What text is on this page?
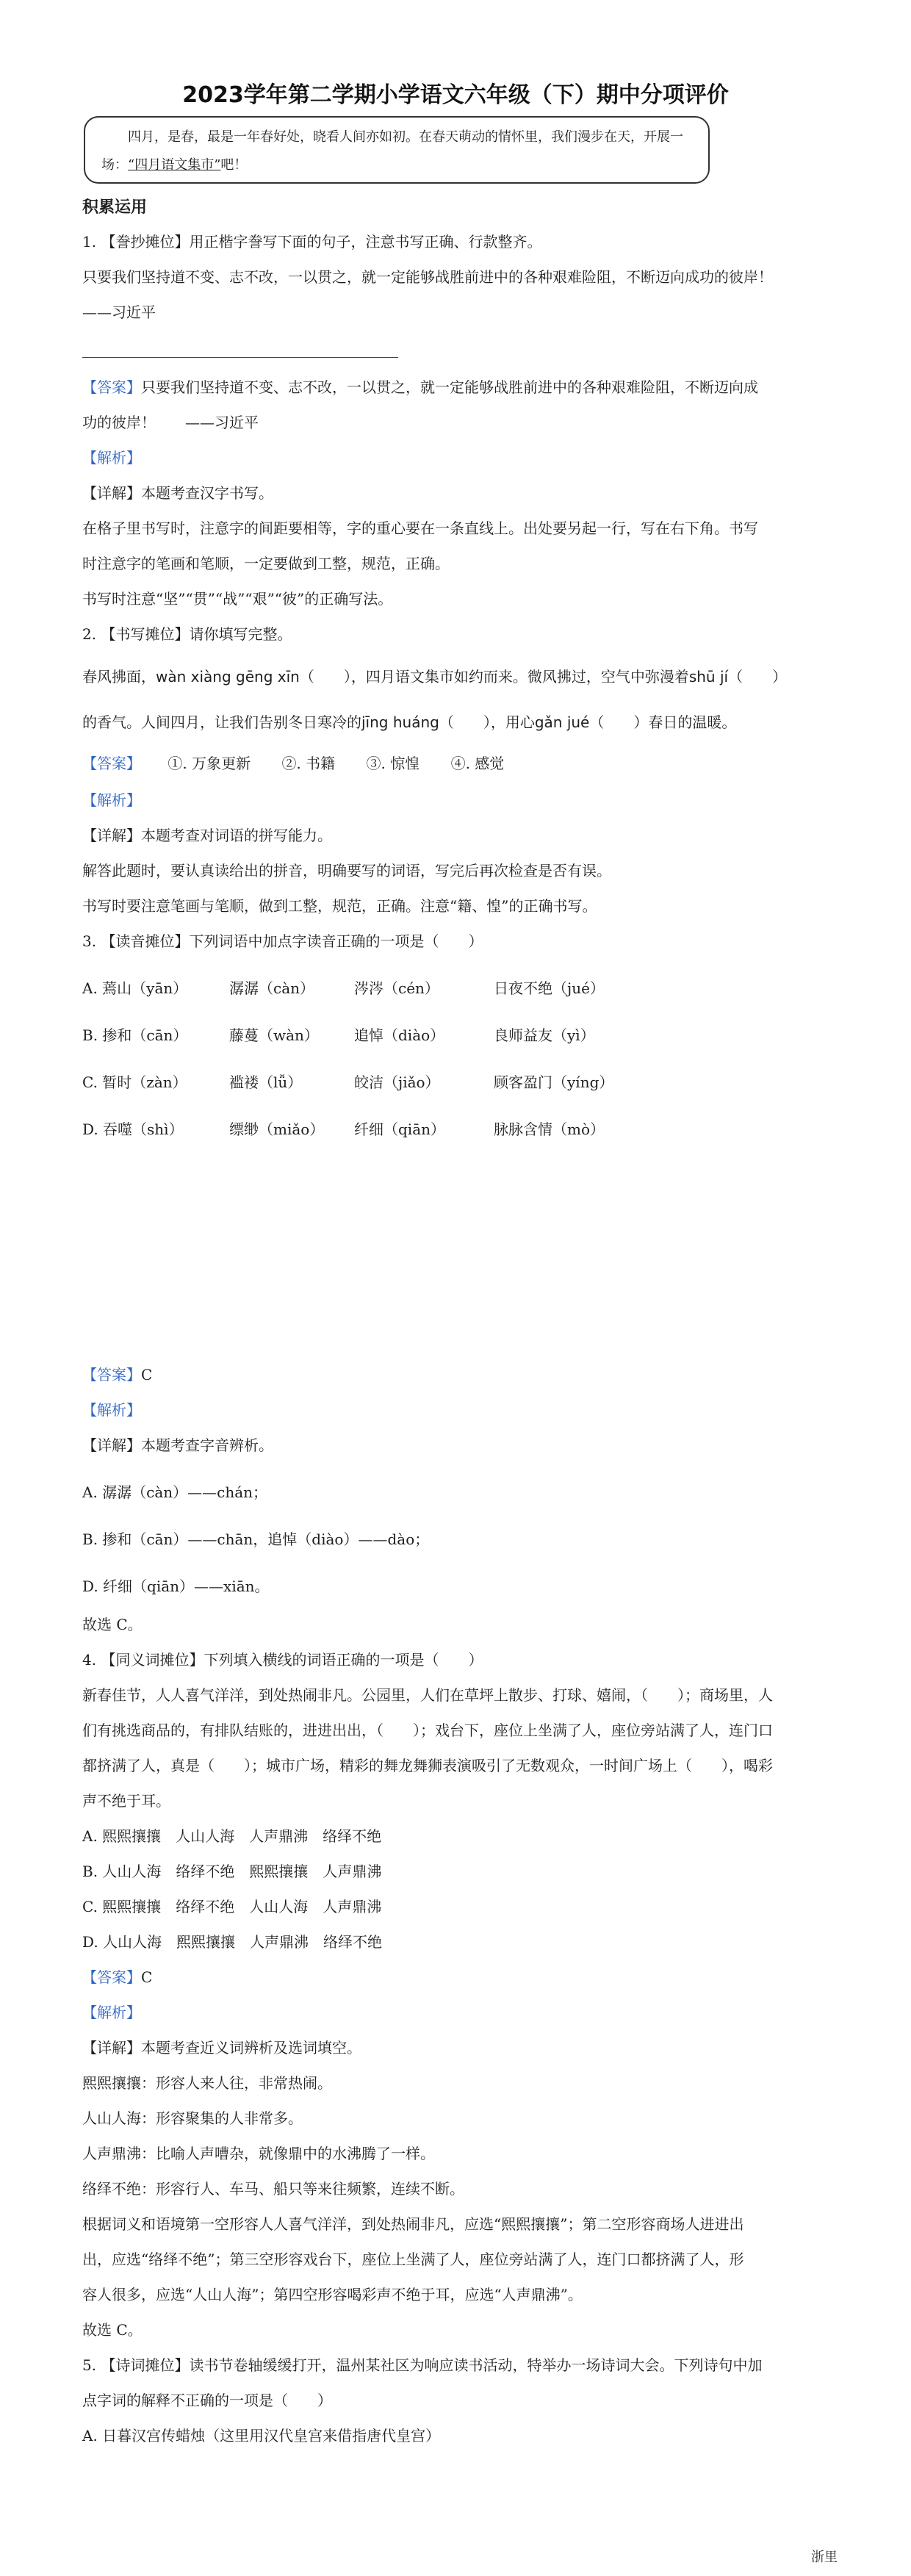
2023学年第二学期小学语文六年级（下）期中分项评价
四月，是春，最是一年春好处，晓看人间亦如初。在春天萌动的情怀里，我们漫步在天，开展一
场：“四月语文集市”吧！
积累运用
1. 【誊抄摊位】用正楷字誊写下面的句子，注意书写正确、行款整齐。
只要我们坚持道不变、志不改，一以贯之，就一定能够战胜前进中的各种艰难险阻，不断迈向成功的彼岸！
——习近平
【答案】只要我们坚持道不变、志不改，一以贯之，就一定能够战胜前进中的各种艰难险阻，不断迈向成
功的彼岸！　　——习近平
【解析】
【详解】本题考查汉字书写。
在格子里书写时，注意字的间距要相等，字的重心要在一条直线上。出处要另起一行，写在右下角。书写
时注意字的笔画和笔顺，一定要做到工整，规范，正确。
书写时注意“坚”“贯”“战”“艰”“彼”的正确写法。
2. 【书写摊位】请你填写完整。
春风拂面，wàn xiàng gēng xīn（　　），四月语文集市如约而来。微风拂过，空气中弥漫着shū jí（　　）
的香气。人间四月，让我们告别冬日寒冷的jīng huáng（　　），用心gǎn jué（　　）春日的温暖。
【答案】 ①. 万象更新 ②. 书籍 ③. 惊惶 ④. 感觉
【解析】
【详解】本题考查对词语的拼写能力。
解答此题时，要认真读给出的拼音，明确要写的词语，写完后再次检查是否有误。
书写时要注意笔画与笔顺，做到工整，规范，正确。注意“籍、惶”的正确书写。
3. 【读音摊位】下列词语中加点字读音正确的一项是（　　）
A. 蔫山（yān）	潺潺（càn）	涔涔（cén）	日夜不绝（jué）
B. 掺和（cān）	藤蔓（wàn） 追悼（diào）	良师益友（yì）
C. 暂时（zàn）	褴褛（lǚ）	皎洁（jiǎo）	顾客盈门（yíng）
D. 吞噬（shì）	缥缈（miǎo） 纤细（qiān）	脉脉含情（mò）
【答案】C
【解析】
【详解】本题考查字音辨析。
A. 潺潺（càn）——chán；
B. 掺和（cān）——chān，追悼（diào）——dào；
D. 纤细（qiān）——xiān。
故选 C。
4. 【同义词摊位】下列填入横线的词语正确的一项是（　　）
新春佳节，人人喜气洋洋，到处热闹非凡。公园里，人们在草坪上散步、打球、嬉闹，（　　）；商场里，人
们有挑选商品的，有排队结账的，进进出出，（　　）；戏台下，座位上坐满了人，座位旁站满了人，连门口
都挤满了人，真是（　　）；城市广场，精彩的舞龙舞狮表演吸引了无数观众，一时间广场上（　　），喝彩
声不绝于耳。
A. 熙熙攘攘　人山人海　人声鼎沸　络绎不绝
B. 人山人海　络绎不绝　熙熙攘攘　人声鼎沸
C. 熙熙攘攘　络绎不绝　人山人海　人声鼎沸
D. 人山人海　熙熙攘攘　人声鼎沸　络绎不绝
【答案】C
【解析】
【详解】本题考查近义词辨析及选词填空。
熙熙攘攘：形容人来人往，非常热闹。
人山人海：形容聚集的人非常多。
人声鼎沸：比喻人声嘈杂，就像鼎中的水沸腾了一样。
络绎不绝：形容行人、车马、船只等来往频繁，连续不断。
根据词义和语境第一空形容人人喜气洋洋，到处热闹非凡，应选“熙熙攘攘”；第二空形容商场人进进出
出，应选“络绎不绝”；第三空形容戏台下，座位上坐满了人，座位旁站满了人，连门口都挤满了人，形
容人很多，应选“人山人海”；第四空形容喝彩声不绝于耳，应选“人声鼎沸”。
故选 C。
5. 【诗词摊位】读书节卷轴缓缓打开，温州某社区为响应读书活动，特举办一场诗词大会。下列诗句中加
点字词的解释不正确的一项是（　　）
A. 日暮汉宫传蜡烛（这里用汉代皇宫来借指唐代皇宫）
浙里
